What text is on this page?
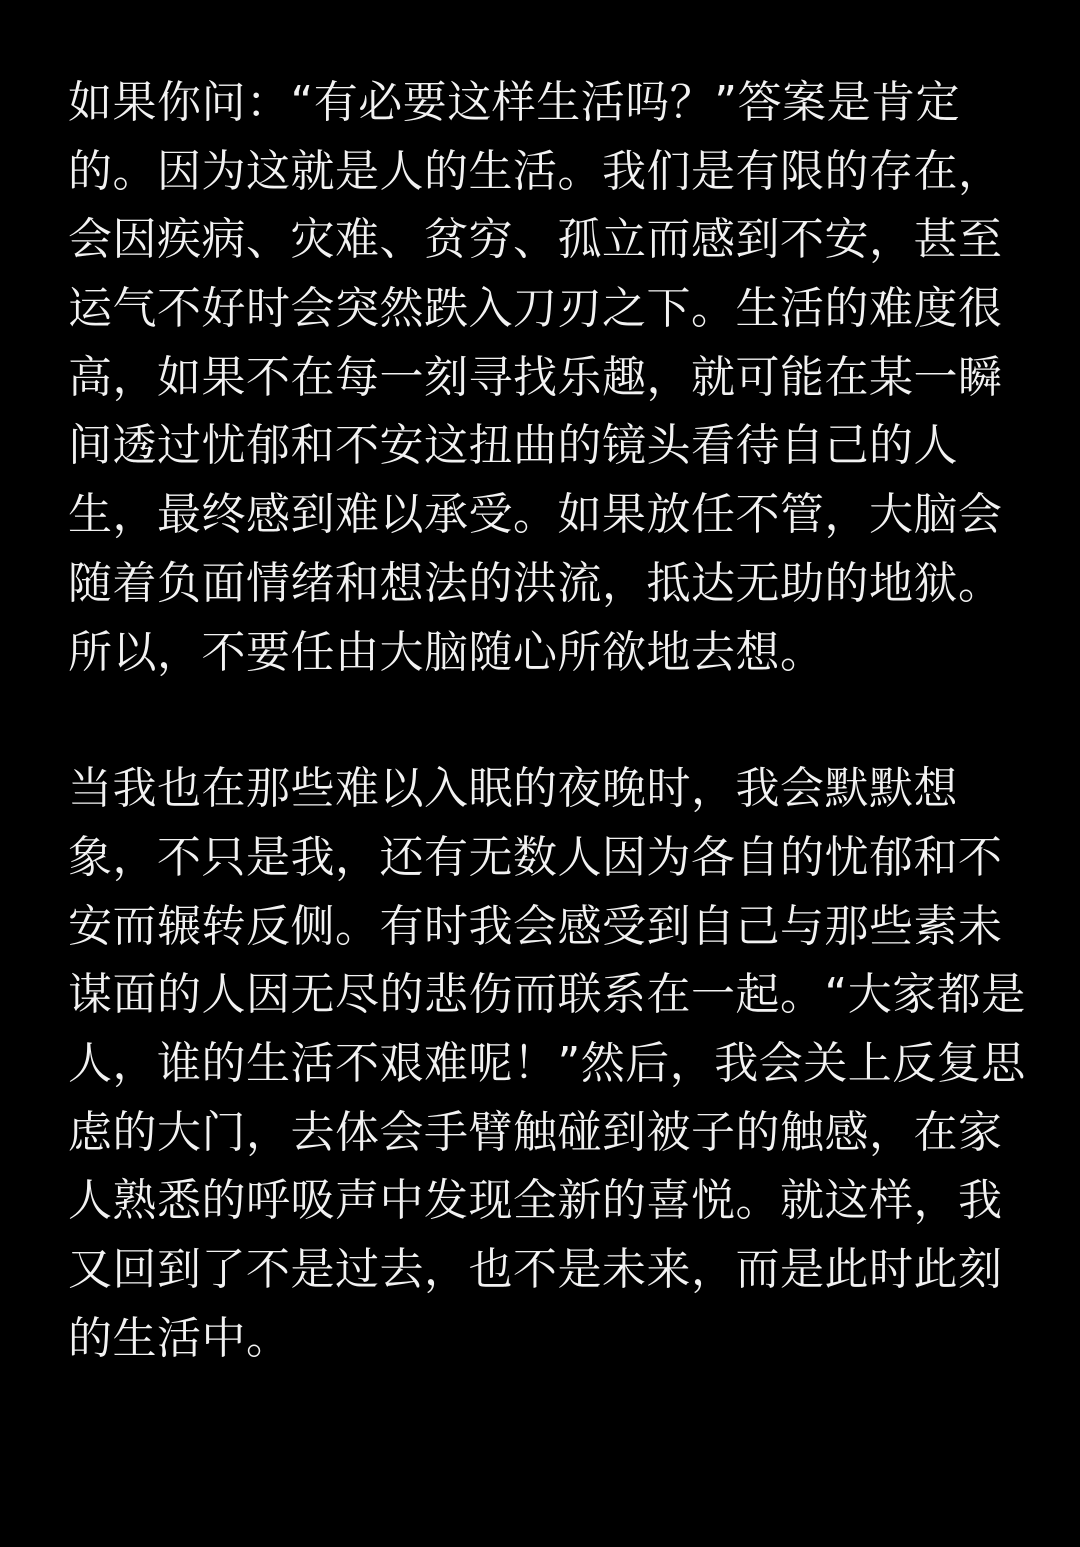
如果你问：“有必要这样生活吗？”答案是肯定
的。因为这就是人的生活。我们是有限的存在，
会因疾病、灾难、贫穷、孤立而感到不安，甚至
运气不好时会突然跌入刀刃之下。生活的难度很
高，如果不在每一刻寻找乐趣，就可能在某一瞬
间透过忧郁和不安这扭曲的镜头看待自己的人
生，最终感到难以承受。如果放任不管，大脑会
随着负面情绪和想法的洪流，抵达无助的地狱。
所以，不要任由大脑随心所欲地去想。
当我也在那些难以入眠的夜晚时，我会默默想
象，不只是我，还有无数人因为各自的忧郁和不
安而辗转反侧。有时我会感受到自己与那些素未
谋面的人因无尽的悲伤而联系在一起。“大家都是
人，谁的生活不艰难呢！”然后，我会关上反复思
虑的大门，去体会手臂触碰到被子的触感，在家
人熟悉的呼吸声中发现全新的喜悦。就这样，我
又回到了不是过去，也不是未来，而是此时此刻
的生活中。
